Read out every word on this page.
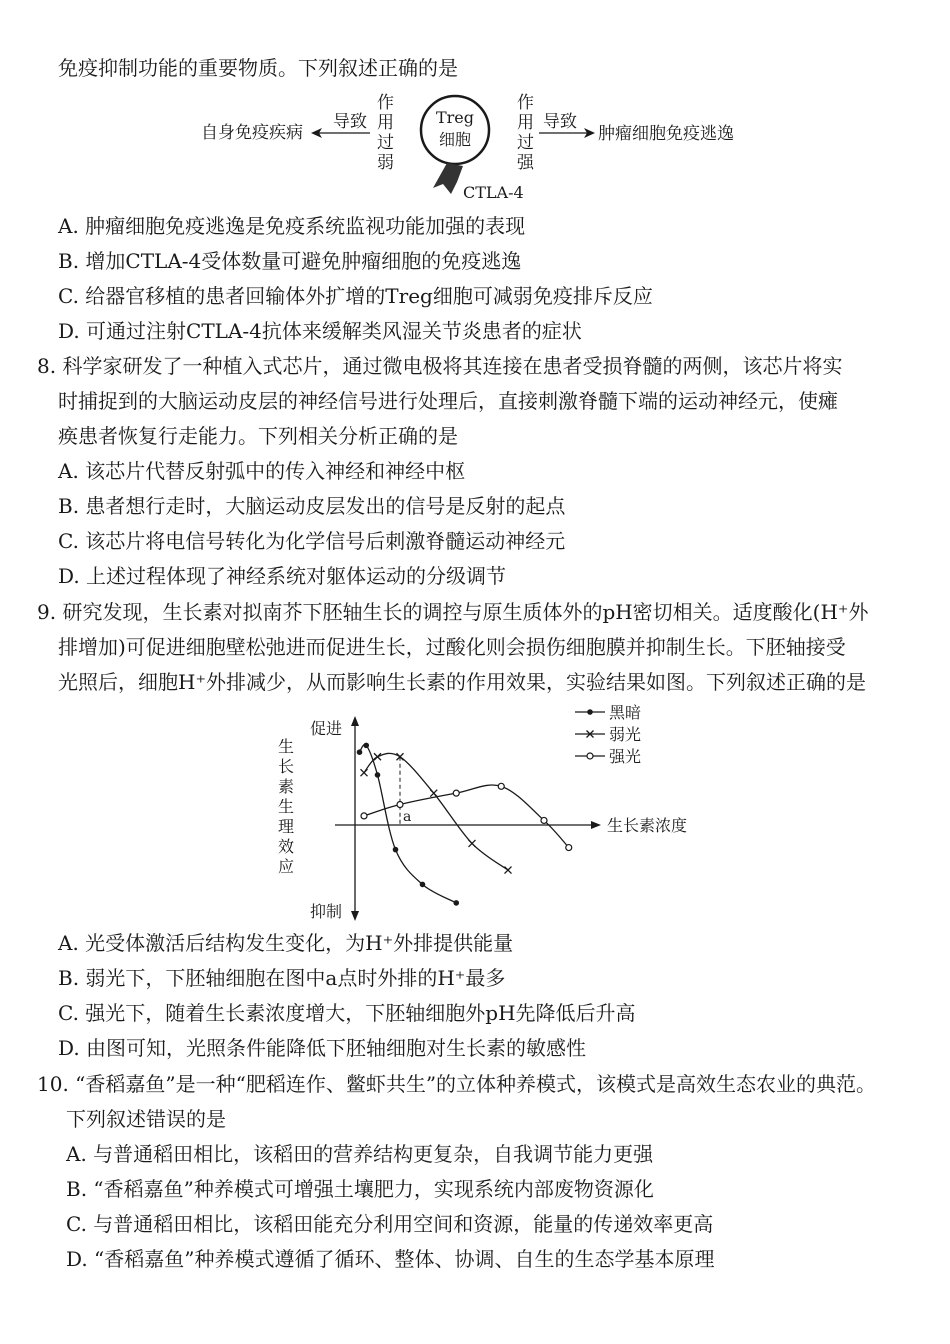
免疫抑制功能的重要物质。下列叙述正确的是
自身免疫疾病
导致
作
用
过
弱
Treg
细胞
CTLA-4
作
用
过
强
导致
肿瘤细胞免疫逃逸
A. 肿瘤细胞免疫逃逸是免疫系统监视功能加强的表现
B. 增加CTLA-4受体数量可避免肿瘤细胞的免疫逃逸
C. 给器官移植的患者回输体外扩增的Treg细胞可减弱免疫排斥反应
D. 可通过注射CTLA-4抗体来缓解类风湿关节炎患者的症状
8. 科学家研发了一种植入式芯片，通过微电极将其连接在患者受损脊髓的两侧，该芯片将实
时捕捉到的大脑运动皮层的神经信号进行处理后，直接刺激脊髓下端的运动神经元，使瘫
痪患者恢复行走能力。下列相关分析正确的是
A. 该芯片代替反射弧中的传入神经和神经中枢
B. 患者想行走时，大脑运动皮层发出的信号是反射的起点
C. 该芯片将电信号转化为化学信号后刺激脊髓运动神经元
D. 上述过程体现了神经系统对躯体运动的分级调节
9. 研究发现，生长素对拟南芥下胚轴生长的调控与原生质体外的pH密切相关。适度酸化(H⁺外
排增加)可促进细胞壁松弛进而促进生长，过酸化则会损伤细胞膜并抑制生长。下胚轴接受
光照后，细胞H⁺外排减少，从而影响生长素的作用效果，实验结果如图。下列叙述正确的是
促进
抑制
生长素浓度
生长素生理效应
a
黑暗
弱光
强光
A. 光受体激活后结构发生变化，为H⁺外排提供能量
B. 弱光下，下胚轴细胞在图中a点时外排的H⁺最多
C. 强光下，随着生长素浓度增大，下胚轴细胞外pH先降低后升高
D. 由图可知，光照条件能降低下胚轴细胞对生长素的敏感性
10. “香稻嘉鱼”是一种“肥稻连作、鳖虾共生”的立体种养模式，该模式是高效生态农业的典范。
下列叙述错误的是
A. 与普通稻田相比，该稻田的营养结构更复杂，自我调节能力更强
B. “香稻嘉鱼”种养模式可增强土壤肥力，实现系统内部废物资源化
C. 与普通稻田相比，该稻田能充分利用空间和资源，能量的传递效率更高
D. “香稻嘉鱼”种养模式遵循了循环、整体、协调、自生的生态学基本原理
